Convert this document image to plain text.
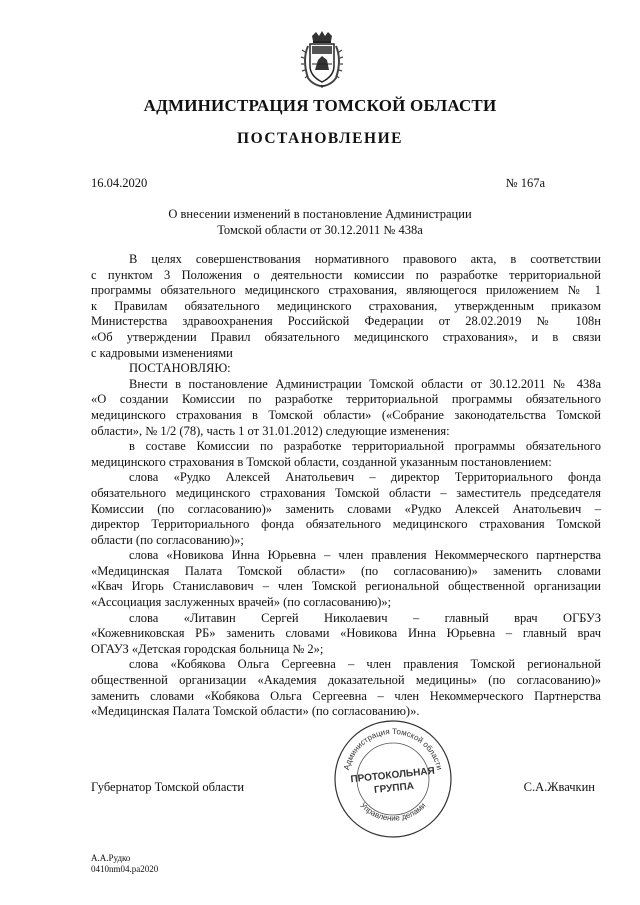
АДМИНИСТРАЦИЯ ТОМСКОЙ ОБЛАСТИ
ПОСТАНОВЛЕНИЕ
16.04.2020	№ 167а
О внесении изменений в постановление Администрации
Томской области от 30.12.2011 № 438а
В целях совершенствования нормативного правового акта, в соответствии
с пунктом 3 Положения о деятельности комиссии по разработке территориальной
программы обязательного медицинского страхования, являющегося приложением № 1
к Правилам обязательного медицинского страхования, утвержденным приказом
Министерства здравоохранения Российской Федерации от 28.02.2019 № 108н
«Об утверждении Правил обязательного медицинского страхования», и в связи
с кадровыми изменениями
ПОСТАНОВЛЯЮ:
Внести в постановление Администрации Томской области от 30.12.2011 № 438а
«О создании Комиссии по разработке территориальной программы обязательного
медицинского страхования в Томской области» («Собрание законодательства Томской
области», № 1/2 (78), часть 1 от 31.01.2012) следующие изменения:
в составе Комиссии по разработке территориальной программы обязательного
медицинского страхования в Томской области, созданной указанным постановлением:
слова «Рудко Алексей Анатольевич – директор Территориального фонда
обязательного медицинского страхования Томской области – заместитель председателя
Комиссии (по согласованию)» заменить словами «Рудко Алексей Анатольевич –
директор Территориального фонда обязательного медицинского страхования Томской
области (по согласованию)»;
слова «Новикова Инна Юрьевна – член правления Некоммерческого партнерства
«Медицинская Палата Томской области» (по согласованию)» заменить словами
«Квач Игорь Станиславович – член Томской региональной общественной организации
«Ассоциация заслуженных врачей» (по согласованию)»;
слова «Литавин Сергей Николаевич – главный врач ОГБУЗ
«Кожевниковская РБ» заменить словами «Новикова Инна Юрьевна – главный врач
ОГАУЗ «Детская городская больница № 2»;
слова «Кобякова Ольга Сергеевна – член правления Томской региональной
общественной организации «Академия доказательной медицины» (по согласованию)»
заменить словами «Кобякова Ольга Сергеевна – член Некоммерческого Партнерства
«Медицинская Палата Томской области» (по согласованию)».
Губернатор Томской области	С.А.Жвачкин
Администрация Томской области
Управление делами
ПРОТОКОЛЬНАЯ
ГРУППА
А.А.Рудко
0410nm04.pa2020
